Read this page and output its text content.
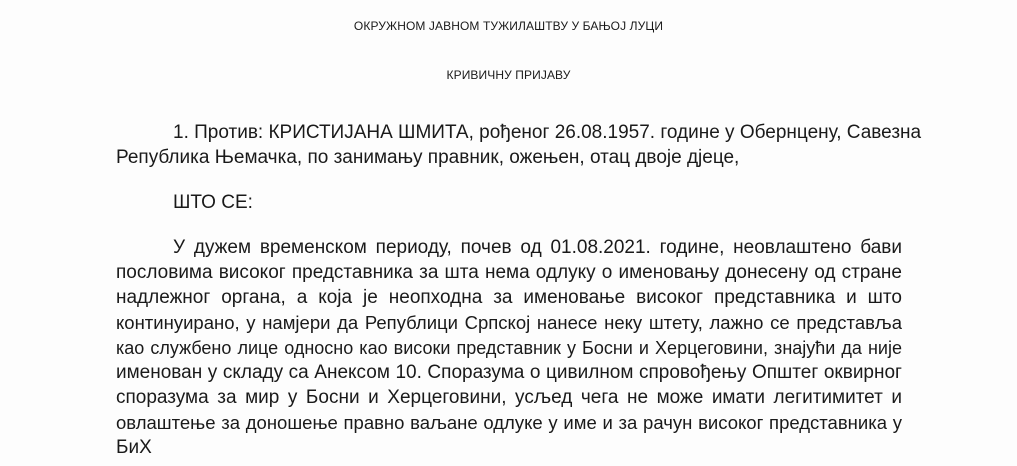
ОКРУЖНОМ ЈАВНОМ ТУЖИЛАШТВУ У БАЊОЈ ЛУЦИ
КРИВИЧНУ ПРИЈАВУ
1. Против: КРИСТИЈАНА ШМИТА, рођеног 26.08.1957. године у Обернцену, Савезна
Република Њемачка, по занимању правник, ожењен, отац двоје дјеце,
ШТО СЕ:
У дужем временском периоду, почев од 01.08.2021. године, неовлаштено бави
пословима високог представника за шта нема одлуку о именовању донесену од стране
надлежног органа, а која је неопходна за именовање високог представника и што
континуирано, у намјери да Републици Српској нанесе неку штету, лажно се представља
као службено лице односно као високи представник у Босни и Херцеговини, знајући да није
именован у складу са Анексом 10. Споразума о цивилном спровођењу Општег оквирног
споразума за мир у Босни и Херцеговини, усљед чега не може имати легитимитет и
овлаштење за доношење правно ваљане одлуке у име и за рачун високог представника у
БиХ
